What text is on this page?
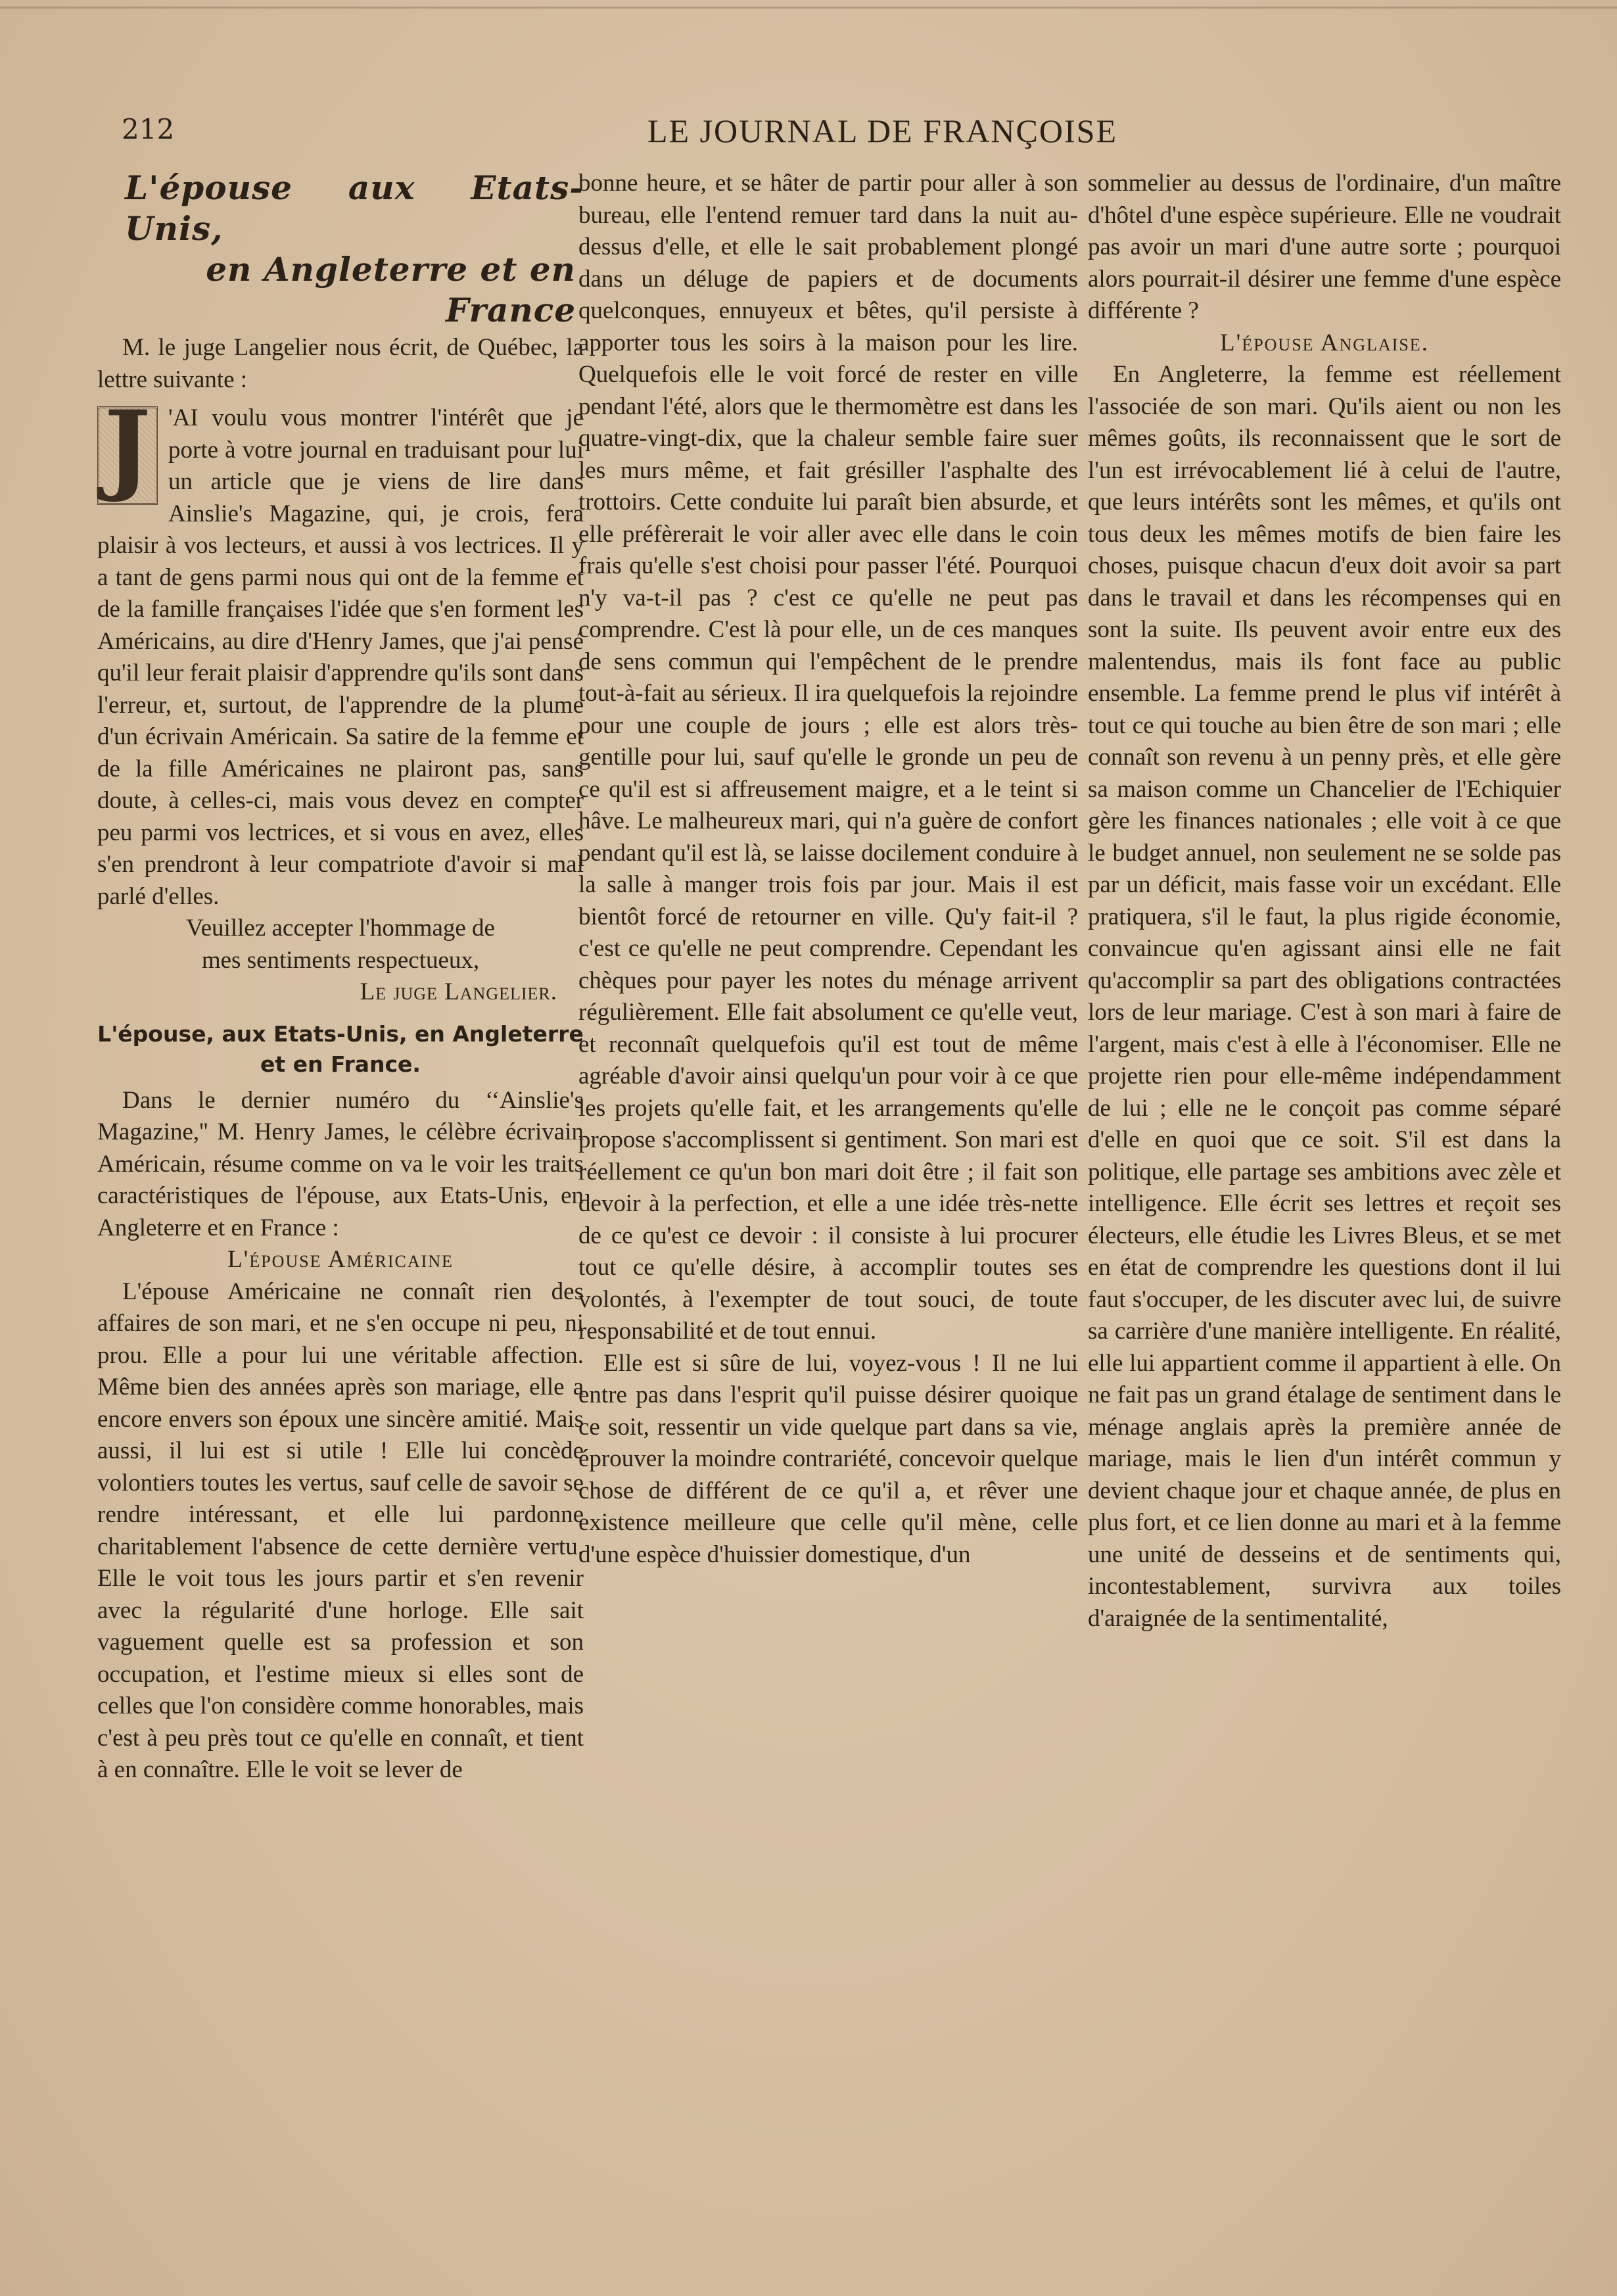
212	LE JOURNAL DE FRANÇOISE
L'épouse aux Etats-Unis,
en Angleterre et en France

M. le juge Langelier nous écrit, de Québec, la lettre suivante :

J 'AI voulu vous montrer l'intérêt que je porte à votre journal en traduisant pour lui un article que je viens de lire dans Ainslie's Magazine, qui, je crois, fera plaisir à vos lecteurs, et aussi à vos lectrices. Il y a tant de gens parmi nous qui ont de la femme et de la famille françaises l'idée que s'en forment les Américains, au dire d'Henry James, que j'ai pensé qu'il leur ferait plaisir d'apprendre qu'ils sont dans l'erreur, et, surtout, de l'apprendre de la plume d'un écrivain Américain. Sa satire de la femme et de la fille Américaines ne plairont pas, sans doute, à celles-ci, mais vous devez en compter peu parmi vos lectrices, et si vous en avez, elles s'en prendront à leur compatriote d'avoir si mal parlé d'elles.

Veuillez accepter l'hommage de

mes sentiments respectueux,

Le juge Langelier.

L'épouse, aux Etats-Unis, en Angleterre et en France.

Dans le dernier numéro du ‘‘Ainslie's Magazine,'' M. Henry James, le célèbre écrivain Américain, résume comme on va le voir les traits caractéristiques de l'épouse, aux Etats-Unis, en Angleterre et en France :

L'épouse Américaine

L'épouse Américaine ne connaît rien des affaires de son mari, et ne s'en occupe ni peu, ni prou. Elle a pour lui une véritable affection. Même bien des années après son mariage, elle a encore envers son époux une sincère amitié. Mais aussi, il lui est si utile ! Elle lui concède volontiers toutes les vertus, sauf celle de savoir se rendre intéressant, et elle lui pardonne charitablement l'absence de cette dernière vertu. Elle le voit tous les jours partir et s'en revenir avec la régularité d'une horloge. Elle sait vaguement quelle est sa profession et son occupation, et l'estime mieux si elles sont de celles que l'on considère comme honorables, mais c'est à peu près tout ce qu'elle en connaît, et tient à en connaître. Elle le voit se lever de

bonne heure, et se hâter de partir pour aller à son bureau, elle l'entend remuer tard dans la nuit au-dessus d'elle, et elle le sait probablement plongé dans un déluge de papiers et de documents quelconques, ennuyeux et bêtes, qu'il persiste à apporter tous les soirs à la maison pour les lire. Quelquefois elle le voit forcé de rester en ville pendant l'été, alors que le thermomètre est dans les quatre-vingt-dix, que la chaleur semble faire suer les murs même, et fait grésiller l'asphalte des trottoirs. Cette conduite lui paraît bien absurde, et elle préfèrerait le voir aller avec elle dans le coin frais qu'elle s'est choisi pour passer l'été. Pourquoi n'y va-t-il pas ? c'est ce qu'elle ne peut pas comprendre. C'est là pour elle, un de ces manques de sens commun qui l'empêchent de le prendre tout-à-fait au sérieux. Il ira quelquefois la rejoindre pour une couple de jours ; elle est alors très-gentille pour lui, sauf qu'elle le gronde un peu de ce qu'il est si affreusement maigre, et a le teint si hâve. Le malheureux mari, qui n'a guère de confort pendant qu'il est là, se laisse docilement conduire à la salle à manger trois fois par jour. Mais il est bientôt forcé de retourner en ville. Qu'y fait-il ? c'est ce qu'elle ne peut comprendre. Cependant les chèques pour payer les notes du ménage arrivent régulièrement. Elle fait absolument ce qu'elle veut, et reconnaît quelquefois qu'il est tout de même agréable d'avoir ainsi quelqu'un pour voir à ce que les projets qu'elle fait, et les arrangements qu'elle propose s'accomplissent si gentiment. Son mari est réellement ce qu'un bon mari doit être ; il fait son devoir à la perfection, et elle a une idée très-nette de ce qu'est ce devoir : il consiste à lui procurer tout ce qu'elle désire, à accomplir toutes ses volontés, à l'exempter de tout souci, de toute responsabilité et de tout ennui.

Elle est si sûre de lui, voyez-vous ! Il ne lui entre pas dans l'esprit qu'il puisse désirer quoique ce soit, ressentir un vide quelque part dans sa vie, éprouver la moindre contrariété, concevoir quelque chose de différent de ce qu'il a, et rêver une existence meilleure que celle qu'il mène, celle d'une espèce d'huissier domestique, d'un

sommelier au dessus de l'ordinaire, d'un maître d'hôtel d'une espèce supérieure. Elle ne voudrait pas avoir un mari d'une autre sorte ; pourquoi alors pourrait-il désirer une femme d'une espèce différente ?

L'épouse Anglaise.

En Angleterre, la femme est réellement l'associée de son mari. Qu'ils aient ou non les mêmes goûts, ils reconnaissent que le sort de l'un est irrévocablement lié à celui de l'autre, que leurs intérêts sont les mêmes, et qu'ils ont tous deux les mêmes motifs de bien faire les choses, puisque chacun d'eux doit avoir sa part dans le travail et dans les récompenses qui en sont la suite. Ils peuvent avoir entre eux des malentendus, mais ils font face au public ensemble. La femme prend le plus vif intérêt à tout ce qui touche au bien être de son mari ; elle connaît son revenu à un penny près, et elle gère sa maison comme un Chancelier de l'Echiquier gère les finances nationales ; elle voit à ce que le budget annuel, non seulement ne se solde pas par un déficit, mais fasse voir un excédant. Elle pratiquera, s'il le faut, la plus rigide économie, convaincue qu'en agissant ainsi elle ne fait qu'accomplir sa part des obligations contractées lors de leur mariage. C'est à son mari à faire de l'argent, mais c'est à elle à l'économiser. Elle ne projette rien pour elle-même indépendamment de lui ; elle ne le conçoit pas comme séparé d'elle en quoi que ce soit. S'il est dans la politique, elle partage ses ambitions avec zèle et intelligence. Elle écrit ses lettres et reçoit ses électeurs, elle étudie les Livres Bleus, et se met en état de comprendre les questions dont il lui faut s'occuper, de les discuter avec lui, de suivre sa carrière d'une manière intelligente. En réalité, elle lui appartient comme il appartient à elle. On ne fait pas un grand étalage de sentiment dans le ménage anglais après la première année de mariage, mais le lien d'un intérêt commun y devient chaque jour et chaque année, de plus en plus fort, et ce lien donne au mari et à la femme une unité de desseins et de sentiments qui, incontestablement, survivra aux toiles d'araignée de la sentimentalité,
